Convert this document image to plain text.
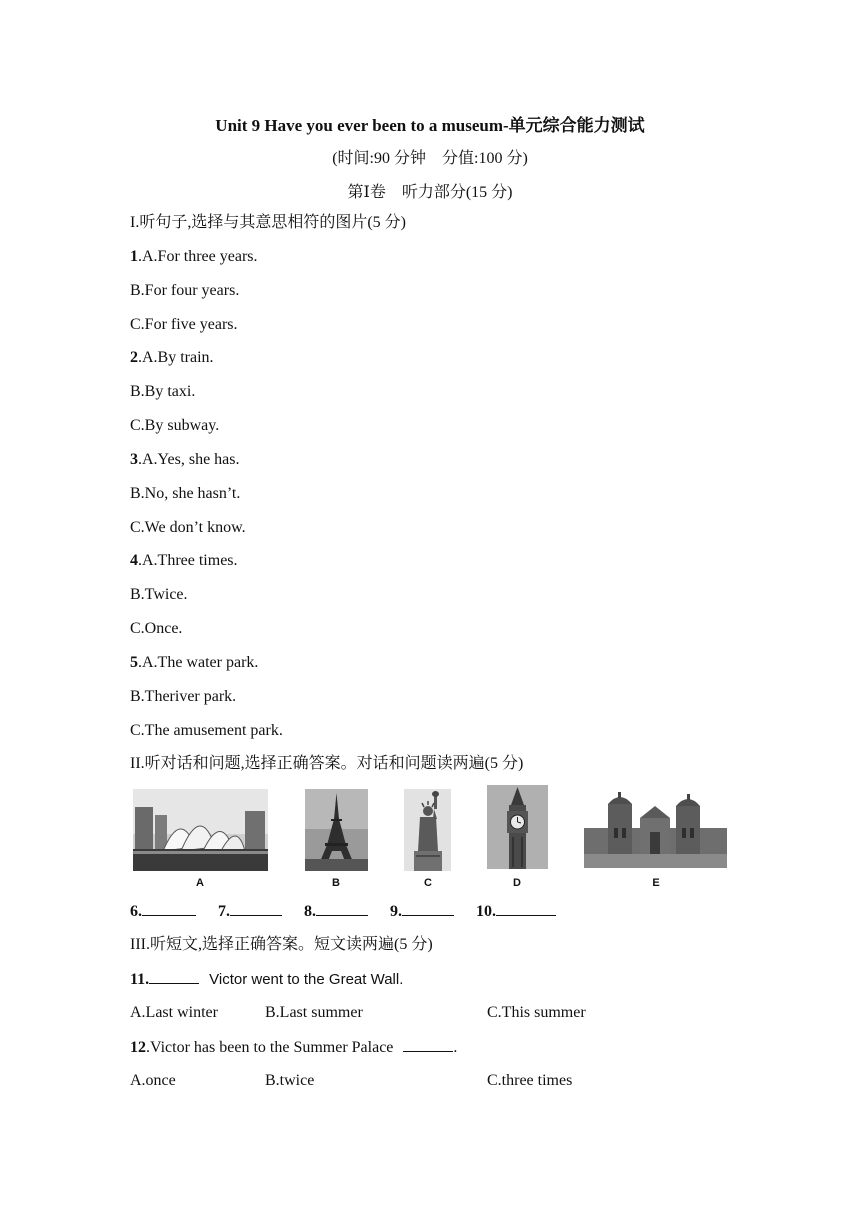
Unit 9 Have you ever been to a museum-单元综合能力测试
(时间:90 分钟　分值:100 分)
第Ⅰ卷　听力部分(15 分)
I.听句子,选择与其意思相符的图片(5 分)
1.A.For three years.
B.For four years.
C.For five years.
2.A.By train.
B.By taxi.
C.By subway.
3.A.Yes, she has.
B.No, she hasn’t.
C.We don’t know.
4.A.Three times.
B.Twice.
C.Once.
5.A.The water park.
B.Theriver park.
C.The amusement park.
II.听对话和问题,选择正确答案。对话和问题读两遍(5 分)
A	B	C	D	E
6.	7.	8.	9.	10.
III.听短文,选择正确答案。短文读两遍(5 分)
11.	Victor went to the Great Wall.
A.Last winter	B.Last summer	C.This summer
12.Victor has been to the Summer Palace	.
A.once	B.twice	C.three times
